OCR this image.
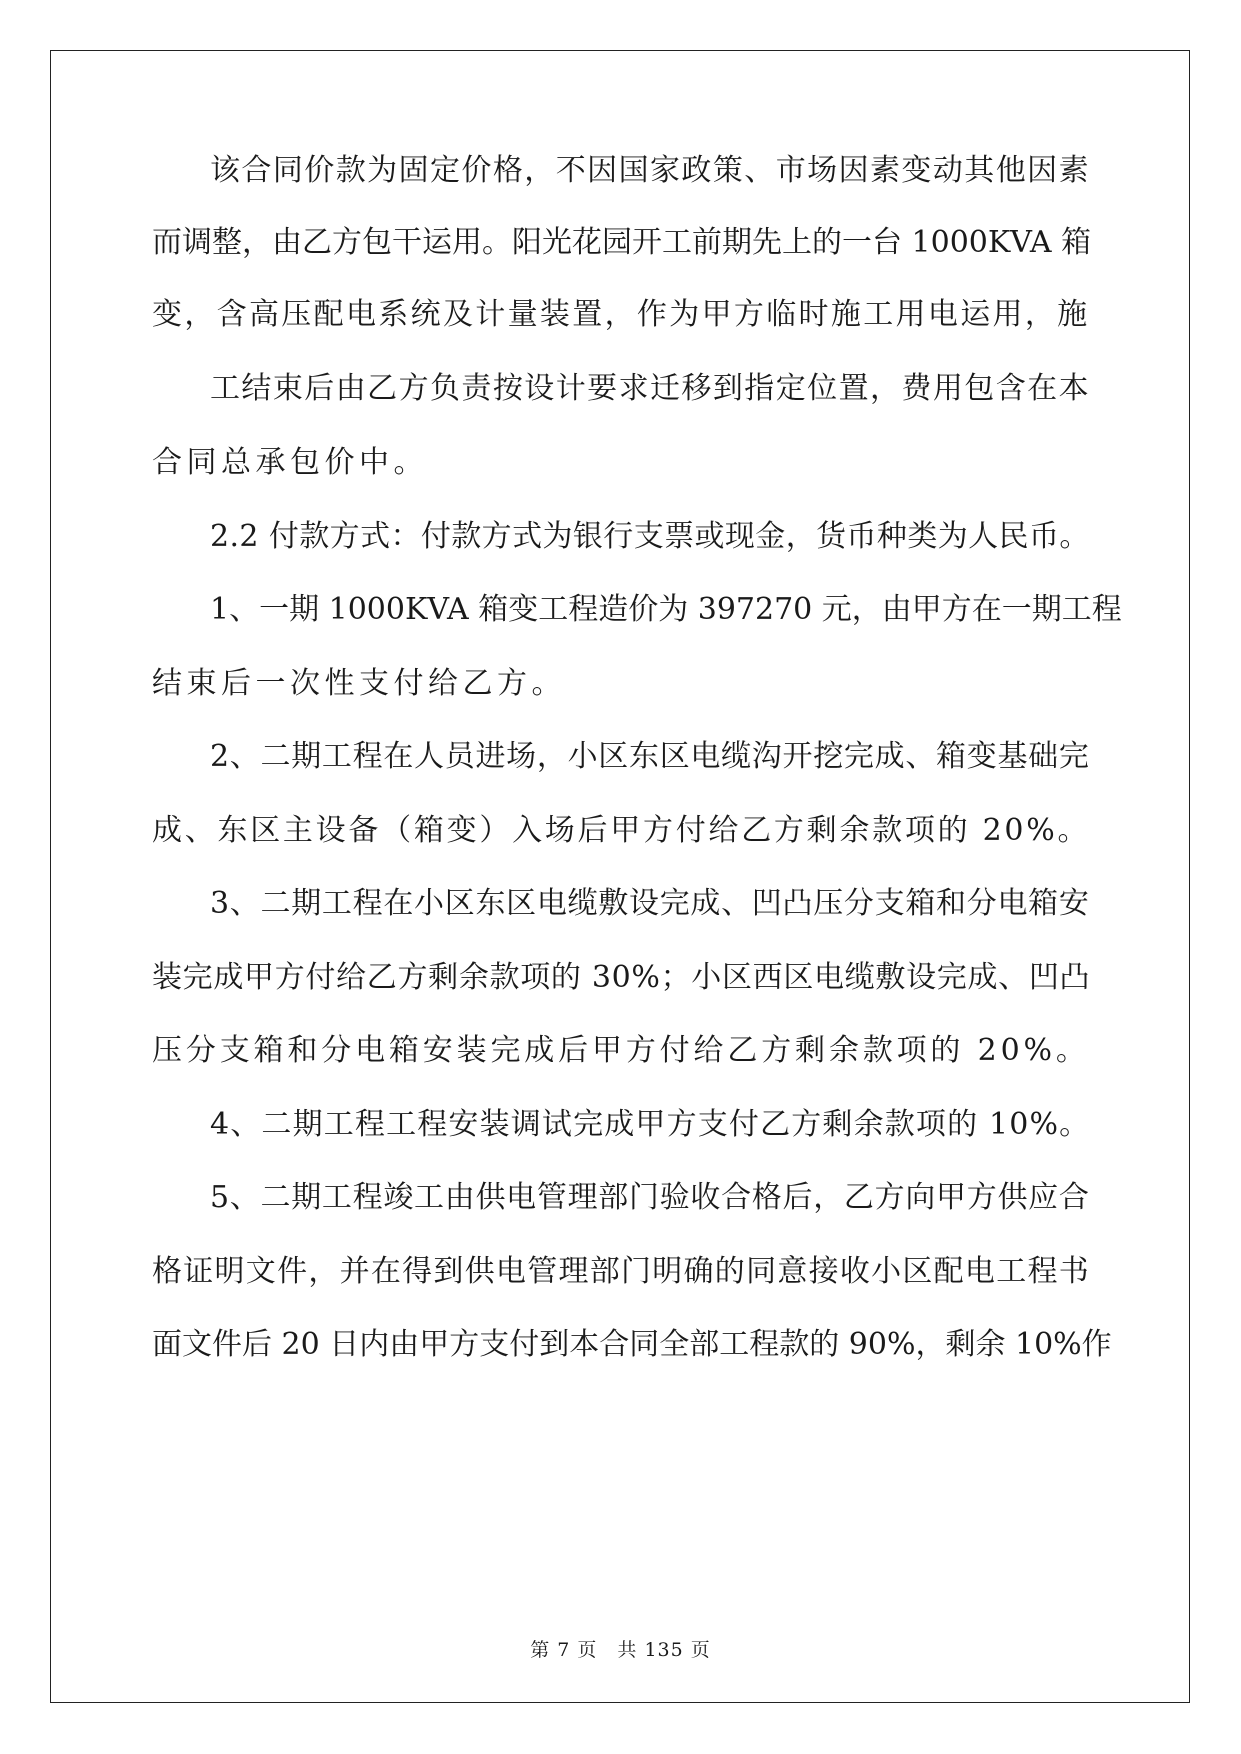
该合同价款为固定价格，不因国家政策、市场因素变动其他因素
而调整，由乙方包干运用。阳光花园开工前期先上的一台 1000KVA 箱
变，含高压配电系统及计量装置，作为甲方临时施工用电运用，施
工结束后由乙方负责按设计要求迁移到指定位置，费用包含在本
合同总承包价中。
2.2 付款方式：付款方式为银行支票或现金，货币种类为人民币。
1、一期 1000KVA 箱变工程造价为 397270 元，由甲方在一期工程
结束后一次性支付给乙方。
2、二期工程在人员进场，小区东区电缆沟开挖完成、箱变基础完
成、东区主设备（箱变）入场后甲方付给乙方剩余款项的 20%。
3、二期工程在小区东区电缆敷设完成、凹凸压分支箱和分电箱安
装完成甲方付给乙方剩余款项的 30%；小区西区电缆敷设完成、凹凸
压分支箱和分电箱安装完成后甲方付给乙方剩余款项的 20%。
4、二期工程工程安装调试完成甲方支付乙方剩余款项的 10%。
5、二期工程竣工由供电管理部门验收合格后，乙方向甲方供应合
格证明文件，并在得到供电管理部门明确的同意接收小区配电工程书
面文件后 20 日内由甲方支付到本合同全部工程款的 90%，剩余 10%作
第 7 页　共 135 页
